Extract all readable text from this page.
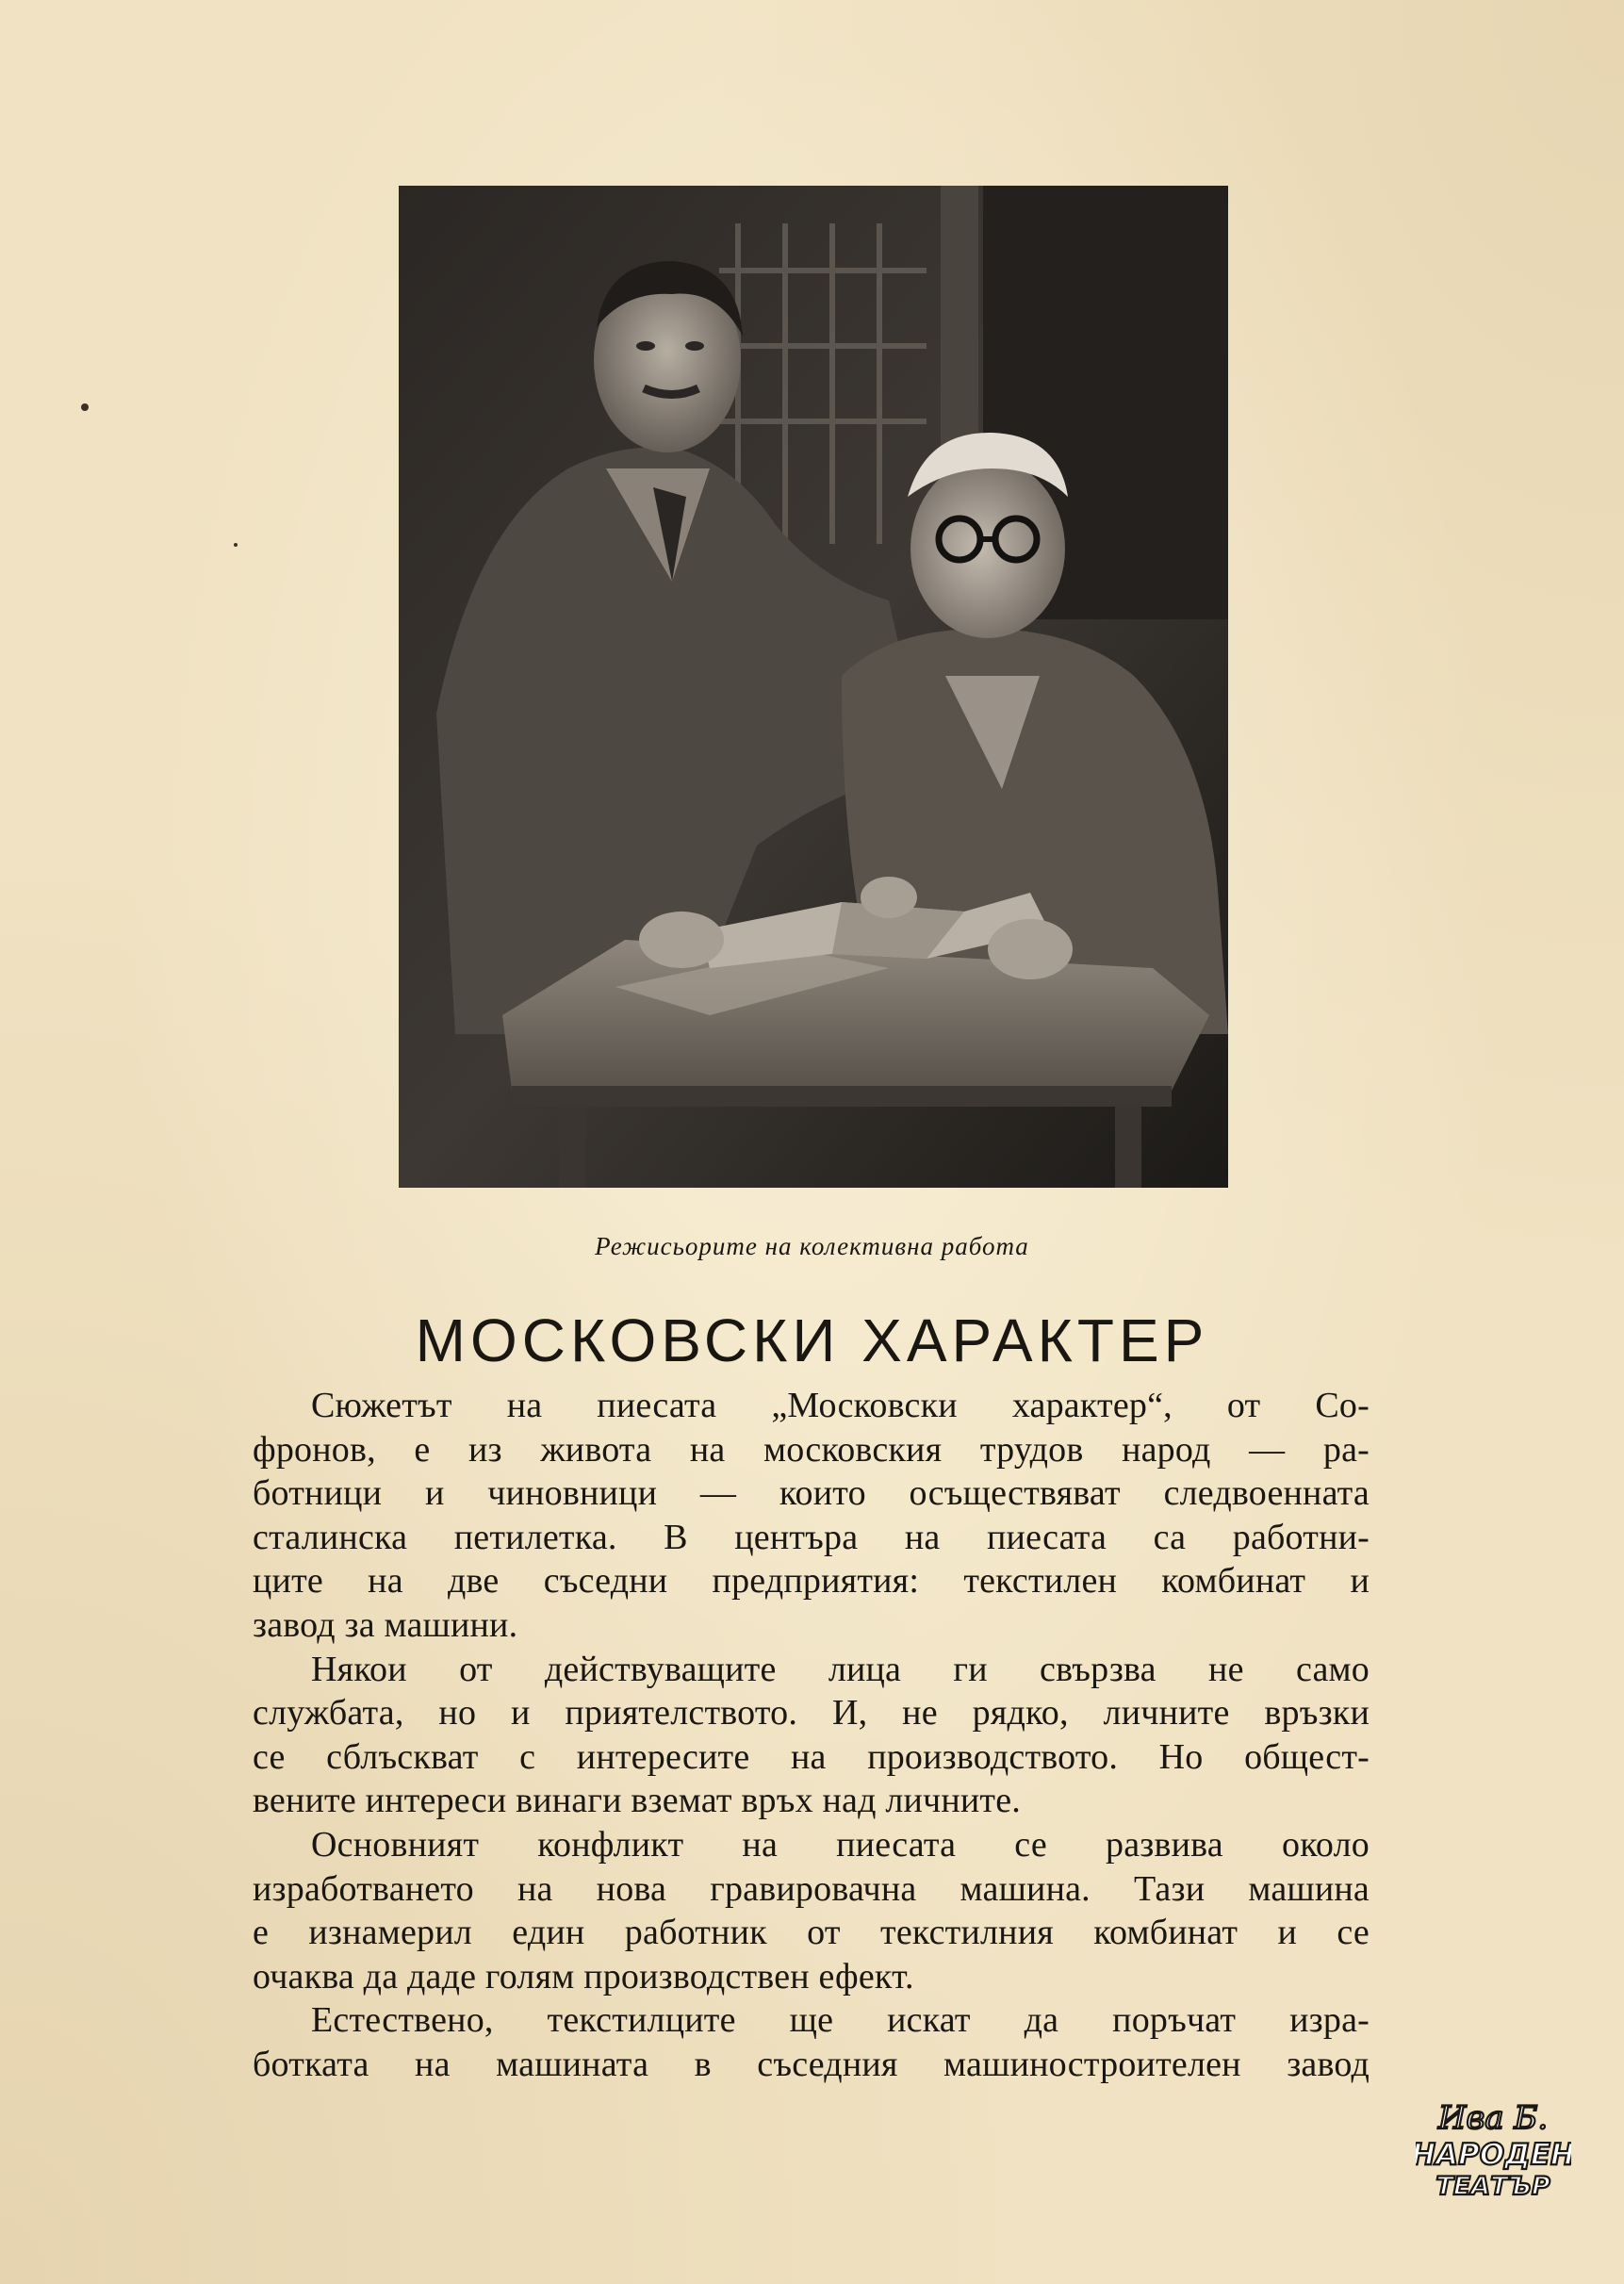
Режисьорите на колективна работа
МОСКОВСКИ ХАРАКТЕР
Сюжетът на пиесата „Московски характер“, от Со-
фронов, е из живота на московския трудов народ — ра-
ботници и чиновници — които осъществяват следвоенната
сталинска петилетка. В центъра на пиесата са работни-
ците на две съседни предприятия: текстилен комбинат и
завод за машини.
Някои от действуващите лица ги свързва не само
службата, но и приятелството. И, не рядко, личните връзки
се сблъскват с интересите на производството. Но общест-
вените интереси винаги вземат връх над личните.
Основният конфликт на пиесата се развива около
изработването на нова гравировачна машина. Тази машина
е изнамерил един работник от текстилния комбинат и се
очаква да даде голям производствен ефект.
Естествено, текстилците ще искат да поръчат изра-
ботката на машината в съседния машиностроителен завод
Ива Б.
НАРОДЕН
ТЕАТЪР
